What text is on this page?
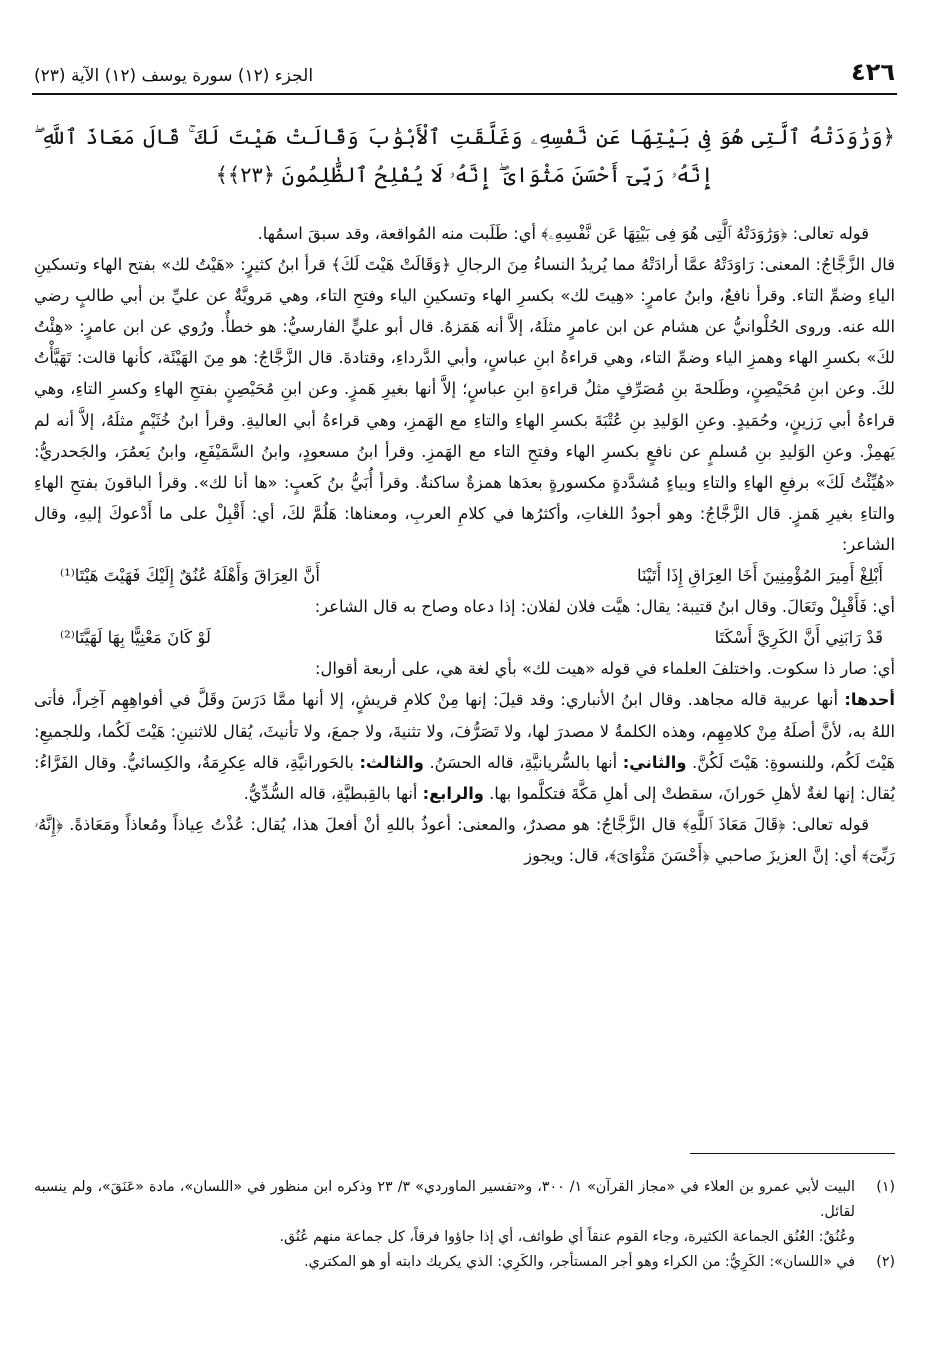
٤٢٦
الجزء (١٢) سورة يوسف (١٢) الآية (٢٣)
﴿وَرَٰوَدَتْهُ ٱلَّتِى هُوَ فِى بَيْتِهَا عَن نَّفْسِهِۦ وَغَلَّقَتِ ٱلْأَبْوَٰبَ وَقَالَتْ هَيْتَ لَكَ ۚ قَالَ مَعَاذَ ٱللَّهِ ۖ إِنَّهُۥ رَبِّىٓ أَحْسَنَ مَثْوَاىَ ۖ إِنَّهُۥ لَا يُفْلِحُ ٱلظَّٰلِمُونَ ﴿٢٣﴾﴾

قوله تعالى: ﴿وَرَٰوَدَتْهُ ٱلَّتِى هُوَ فِى بَيْتِهَا عَن نَّفْسِهِۦ﴾ أي: طَلَبت منه المُواقعة، وقد سبقَ اسمُها.

قال الزَّجَّاجُ: المعنى: رَاوَدَتْهُ عمَّا أرادَتْهُ مما يُريدُ النساءُ مِنَ الرجالِ ﴿وَقَالَتْ هَيْتَ لَكَ﴾ قرأ ابنُ كثيرٍ: «هَيْتُ لك» بفتح الهاء وتسكينِ الياءِ وضمِّ التاء. وقرأ نافعٌ، وابنُ عامرٍ: «هِيتَ لك» بكسرِ الهاء وتسكينِ الياء وفتحِ التاء، وهي مَرويَّةٌ عن عليِّ بن أبي طالبٍ رضي الله عنه. وروى الحُلْوانيُّ عن هشام عن ابن عامرٍ مثلَهُ، إلاَّ أنه هَمَزهُ. قال أبو عليٍّ الفارسيُّ: هو خطأٌ. ورُوي عن ابن عامرٍ: «هِئْتُ لكَ» بكسرِ الهاء وهمزِ الياء وضمِّ التاء، وهي قراءةُ ابنِ عباسٍ، وأبي الدَّرداءِ، وقتادةَ. قال الزَّجَّاجُ: هو مِنَ الهَيْئَة، كأنها قالت: تَهَيَّأْتُ لكَ. وعن ابنِ مُحَيْصِنٍ، وطَلحةَ بنِ مُصَرِّفٍ مثلُ قراءةِ ابنِ عباسٍ؛ إلاَّ أنها بغيرِ هَمزٍ. وعن ابنِ مُحَيْصِنٍ بفتحِ الهاءِ وكسرِ التاءِ، وهي قراءةُ أبي رَزينٍ، وحُمَيدٍ. وعنِ الوَليدِ بنِ عُتْبَةَ بكسرِ الهاءِ والتاءِ مع الهَمزِ، وهي قراءةُ أبي العاليةِ. وقرأ ابنُ خُثَيْمٍ مثلَهُ، إلاَّ أنه لم يَهمِزْ. وعنِ الوَليدِ بنِ مُسلمٍ عن نافعٍ بكسرِ الهاء وفتحِ التاء مع الهَمزِ. وقرأ ابنُ مسعودٍ، وابنُ السَّمَيْفَعِ، وابنُ يَعمُرَ، والجَحدريُّ: «هُيِّئْتُ لَكَ» برفعِ الهاءِ والتاءِ وبياءٍ مُشدَّدةٍ مكسورةٍ بعدَها همزةٌ ساكنةٌ. وقرأ أُبَيُّ بنُ كَعبٍ: «ها أنا لك». وقرأ الباقونَ بفتحِ الهاءِ والتاءِ بغيرِ هَمزٍ. قال الزَّجَّاجُ: وهو أجودُ اللغاتِ، وأكثرُها في كلامِ العربِ، ومعناها: هَلُمَّ لكَ، أي: أَقْبِلْ على ما أَدْعوكَ إليهِ، وقال الشاعر:

أَبْلِغْ أَمِيرَ المُؤْمِنِينَ أَخَا العِرَاقِ إِذَا أَتَيْنَا
أَنَّ العِرَاقَ وَأَهْلَهُ عُنُقٌ إِلَيْكَ فَهَيْتَ هَيْتَا⁽¹⁾

أي: فَأَقْبِلْ وتَعَالَ. وقال ابنُ قتيبة: يقال: هيَّت فلان لفلان: إذا دعاه وصاح به قال الشاعر:

قَدْ رَابَنِي أَنَّ الكَرِيَّ أَسْكَتَا
لَوْ كَانَ مَعْنِيًّا بِهَا لَهَيَّتَا⁽²⁾

أي: صار ذا سكوت. واختلفَ العلماء في قوله «هيت لك» بأي لغة هي، على أربعة أقوال:

أحدها: أنها عربية قاله مجاهد. وقال ابنُ الأنباري: وقد قيلَ: إنها مِنْ كلامِ قريشٍ، إلا أنها ممَّا دَرَسَ وقَلَّ في أفواهِهِم آخِراً، فأتى اللهُ به، لأنَّ أصلَهُ مِنْ كلامِهِم، وهذه الكلمةُ لا مصدرَ لها، ولا تَصَرُّفَ، ولا تثنيةَ، ولا جمعَ، ولا تأنيثَ، يُقال للاثنينِ: هَيْتَ لَكُما، وللجميعِ: هَيْتَ لَكُم، وللنسوةِ: هَيْتَ لَكُنَّ. والثاني: أنها بالسُّريانيَّةِ، قاله الحسَنُ. والثالث: بالحَورانيَّةِ، قاله عِكرِمَةُ، والكِسائيُّ. وقال الفَرَّاءُ: يُقال: إنها لغةٌ لأهلِ حَورانَ، سقطتْ إلى أهلِ مَكَّةَ فتكلَّموا بها. والرابع: أنها بالقِبطيَّةِ، قاله السُّدِّيُّ.

قوله تعالى: ﴿قَالَ مَعَاذَ ٱللَّهِ﴾ قال الزَّجَّاجُ: هو مصدرٌ، والمعنى: أعوذُ باللهِ أنْ أفعلَ هذا، يُقال: عُذْتُ عِياذاً ومُعاذاً ومَعَاذةً. ﴿إِنَّهُۥ رَبِّىٓ﴾ أي: إنَّ العزيزَ صاحبي ﴿أَحْسَنَ مَثْوَاىَ﴾، قال: ويجوز

(١)
البيت لأبي عمرو بن العلاء في «مجاز القرآن» ١/ ٣٠٠، و«تفسير الماوردي» ٣/ ٢٣ وذكره ابن منظور في «اللسان»، مادة «عَنَقَ»، ولم ينسبه لقائل.
وعُنُقٌ: العُنُق الجماعة الكثيرة، وجاء القوم عنقاً أي طوائف، أي إذا جاؤوا فرقاً، كل جماعة منهم عُنُق.
(٢)
في «اللسان»: الكَرِيُّ: من الكراء وهو أجر المستأجر، والكَرِي: الذي يكريك دابته أو هو المكتري.
